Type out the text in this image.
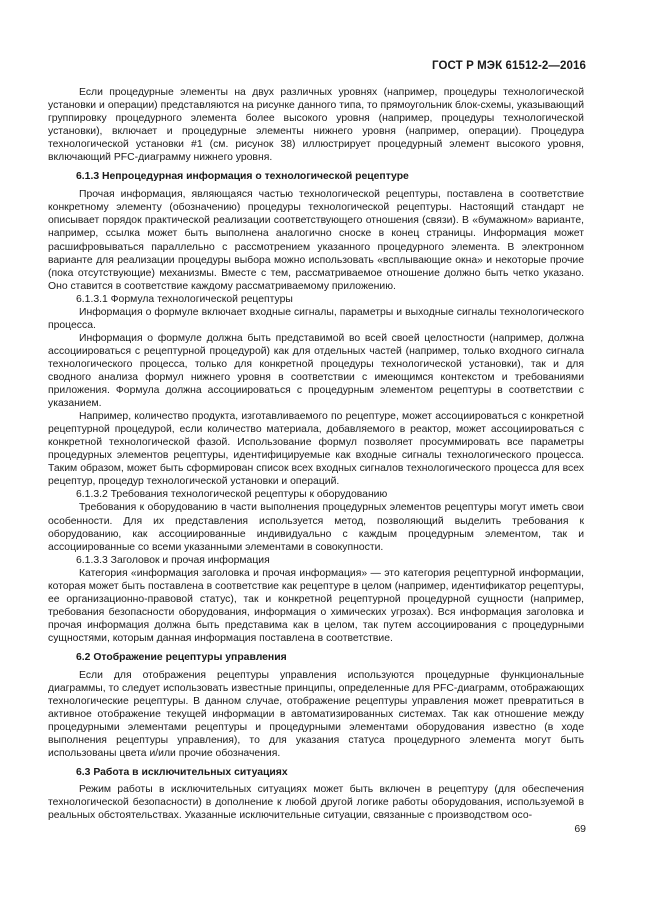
ГОСТ Р МЭК 61512-2—2016

Если процедурные элементы на двух различных уровнях (например, процедуры технологической установки и операции) представляются на рисунке данного типа, то прямоугольник блок-схемы, указывающий группировку процедурного элемента более высокого уровня (например, процедуры технологической установки), включает и процедурные элементы нижнего уровня (например, операции). Процедура технологической установки #1 (см. рисунок 38) иллюстрирует процедурный элемент высокого уровня, включающий PFC-диаграмму нижнего уровня.

6.1.3 Непроцедурная информация о технологической рецептуре

Прочая информация, являющаяся частью технологической рецептуры, поставлена в соответствие конкретному элементу (обозначению) процедуры технологической рецептуры. Настоящий стандарт не описывает порядок практической реализации соответствующего отношения (связи). В «бумажном» варианте, например, ссылка может быть выполнена аналогично сноске в конец страницы. Информация может расшифровываться параллельно с рассмотрением указанного процедурного элемента. В электронном варианте для реализации процедуры выбора можно использовать «всплывающие окна» и некоторые прочие (пока отсутствующие) механизмы. Вместе с тем, рассматриваемое отношение должно быть четко указано. Оно ставится в соответствие каждому рассматриваемому приложению.

6.1.3.1 Формула технологической рецептуры

Информация о формуле включает входные сигналы, параметры и выходные сигналы технологического процесса.

Информация о формуле должна быть представимой во всей своей целостности (например, должна ассоциироваться с рецептурной процедурой) как для отдельных частей (например, только входного сигнала технологического процесса, только для конкретной процедуры технологической установки), так и для сводного анализа формул нижнего уровня в соответствии с имеющимся контекстом и требованиями приложения. Формула должна ассоциироваться с процедурным элементом рецептуры в соответствии с указанием.

Например, количество продукта, изготавливаемого по рецептуре, может ассоциироваться с конкретной рецептурной процедурой, если количество материала, добавляемого в реактор, может ассоциироваться с конкретной технологической фазой. Использование формул позволяет просуммировать все параметры процедурных элементов рецептуры, идентифицируемые как входные сигналы технологического процесса. Таким образом, может быть сформирован список всех входных сигналов технологического процесса для всех рецептур, процедур технологической установки и операций.

6.1.3.2 Требования технологической рецептуры к оборудованию

Требования к оборудованию в части выполнения процедурных элементов рецептуры могут иметь свои особенности. Для их представления используется метод, позволяющий выделить требования к оборудованию, как ассоциированные индивидуально с каждым процедурным элементом, так и ассоциированные со всеми указанными элементами в совокупности.

6.1.3.3 Заголовок и прочая информация

Категория «информация заголовка и прочая информация» — это категория рецептурной информации, которая может быть поставлена в соответствие как рецептуре в целом (например, идентификатор рецептуры, ее организационно-правовой статус), так и конкретной рецептурной процедурной сущности (например, требования безопасности оборудования, информация о химических угрозах). Вся информация заголовка и прочая информация должна быть представима как в целом, так путем ассоциирования с процедурными сущностями, которым данная информация поставлена в соответствие.

6.2 Отображение рецептуры управления

Если для отображения рецептуры управления используются процедурные функциональные диаграммы, то следует использовать известные принципы, определенные для PFC-диаграмм, отображающих технологические рецептуры. В данном случае, отображение рецептуры управления может превратиться в активное отображение текущей информации в автоматизированных системах. Так как отношение между процедурными элементами рецептуры и процедурными элементами оборудования известно (в ходе выполнения рецептуры управления), то для указания статуса процедурного элемента могут быть использованы цвета и/или прочие обозначения.

6.3 Работа в исключительных ситуациях

Режим работы в исключительных ситуациях может быть включен в рецептуру (для обеспечения технологической безопасности) в дополнение к любой другой логике работы оборудования, используемой в реальных обстоятельствах. Указанные исключительные ситуации, связанные с производством осо-

69
